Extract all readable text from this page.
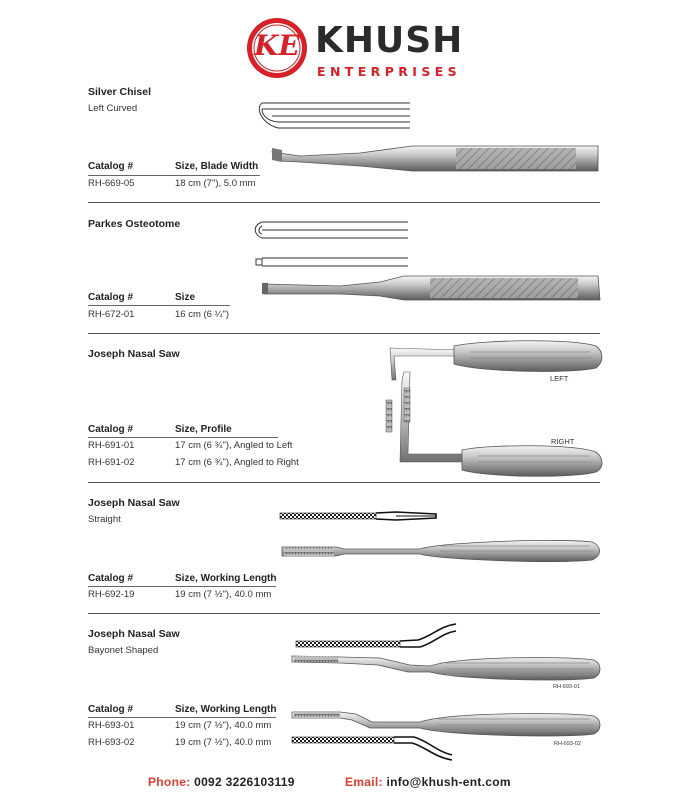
KE KHUSH
ENTERPRISES
Silver Chisel
Left Curved
Catalog #	Size, Blade Width
RH-669-05	18 cm (7"), 5.0 mm
Parkes Osteotome
Catalog #	Size
RH-672-01	16 cm (6 ¼")
Joseph Nasal Saw
LEFT
RIGHT
Catalog #	Size, Profile
RH-691-01	17 cm (6 ¾"), Angled to Left
RH-691-02	17 cm (6 ¾"), Angled to Right
Joseph Nasal Saw
Straight
Catalog #	Size, Working Length
RH-692-19	19 cm (7 ½"), 40.0 mm
Joseph Nasal Saw
Bayonet Shaped
RH-693-01
RH-693-02
Catalog #	Size, Working Length
RH-693-01	19 cm (7 ½"), 40.0 mm
RH-693-02	19 cm (7 ½"), 40.0 mm
Phone: 0092 3226103119	Email: info@khush-ent.com
